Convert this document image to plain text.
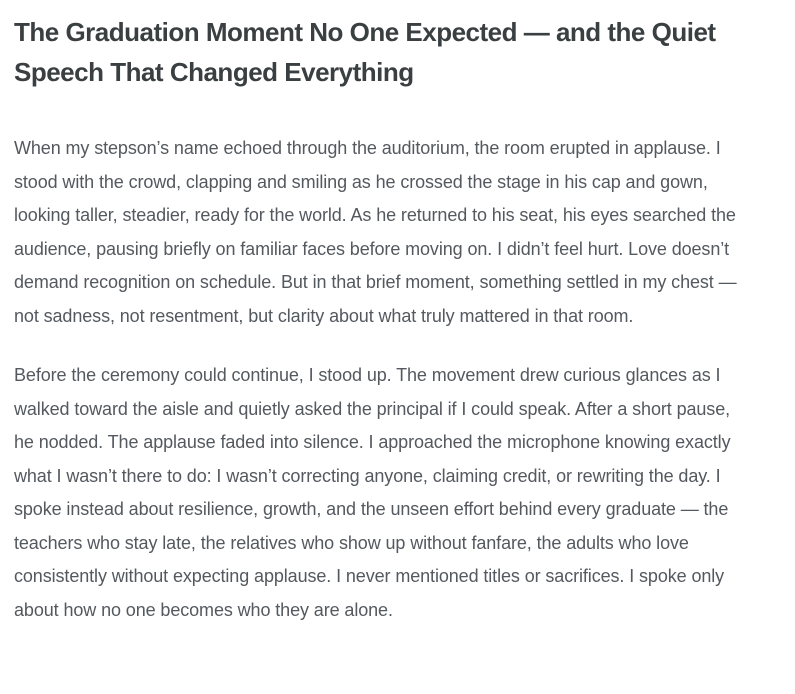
The Graduation Moment No One Expected — and the Quiet Speech That Changed Everything

When my stepson’s name echoed through the auditorium, the room erupted in applause. I stood with the crowd, clapping and smiling as he crossed the stage in his cap and gown, looking taller, steadier, ready for the world. As he returned to his seat, his eyes searched the audience, pausing briefly on familiar faces before moving on. I didn’t feel hurt. Love doesn’t demand recognition on schedule. But in that brief moment, something settled in my chest — not sadness, not resentment, but clarity about what truly mattered in that room.

Before the ceremony could continue, I stood up. The movement drew curious glances as I walked toward the aisle and quietly asked the principal if I could speak. After a short pause, he nodded. The applause faded into silence. I approached the microphone knowing exactly what I wasn’t there to do: I wasn’t correcting anyone, claiming credit, or rewriting the day. I spoke instead about resilience, growth, and the unseen effort behind every graduate — the teachers who stay late, the relatives who show up without fanfare, the adults who love consistently without expecting applause. I never mentioned titles or sacrifices. I spoke only about how no one becomes who they are alone.
